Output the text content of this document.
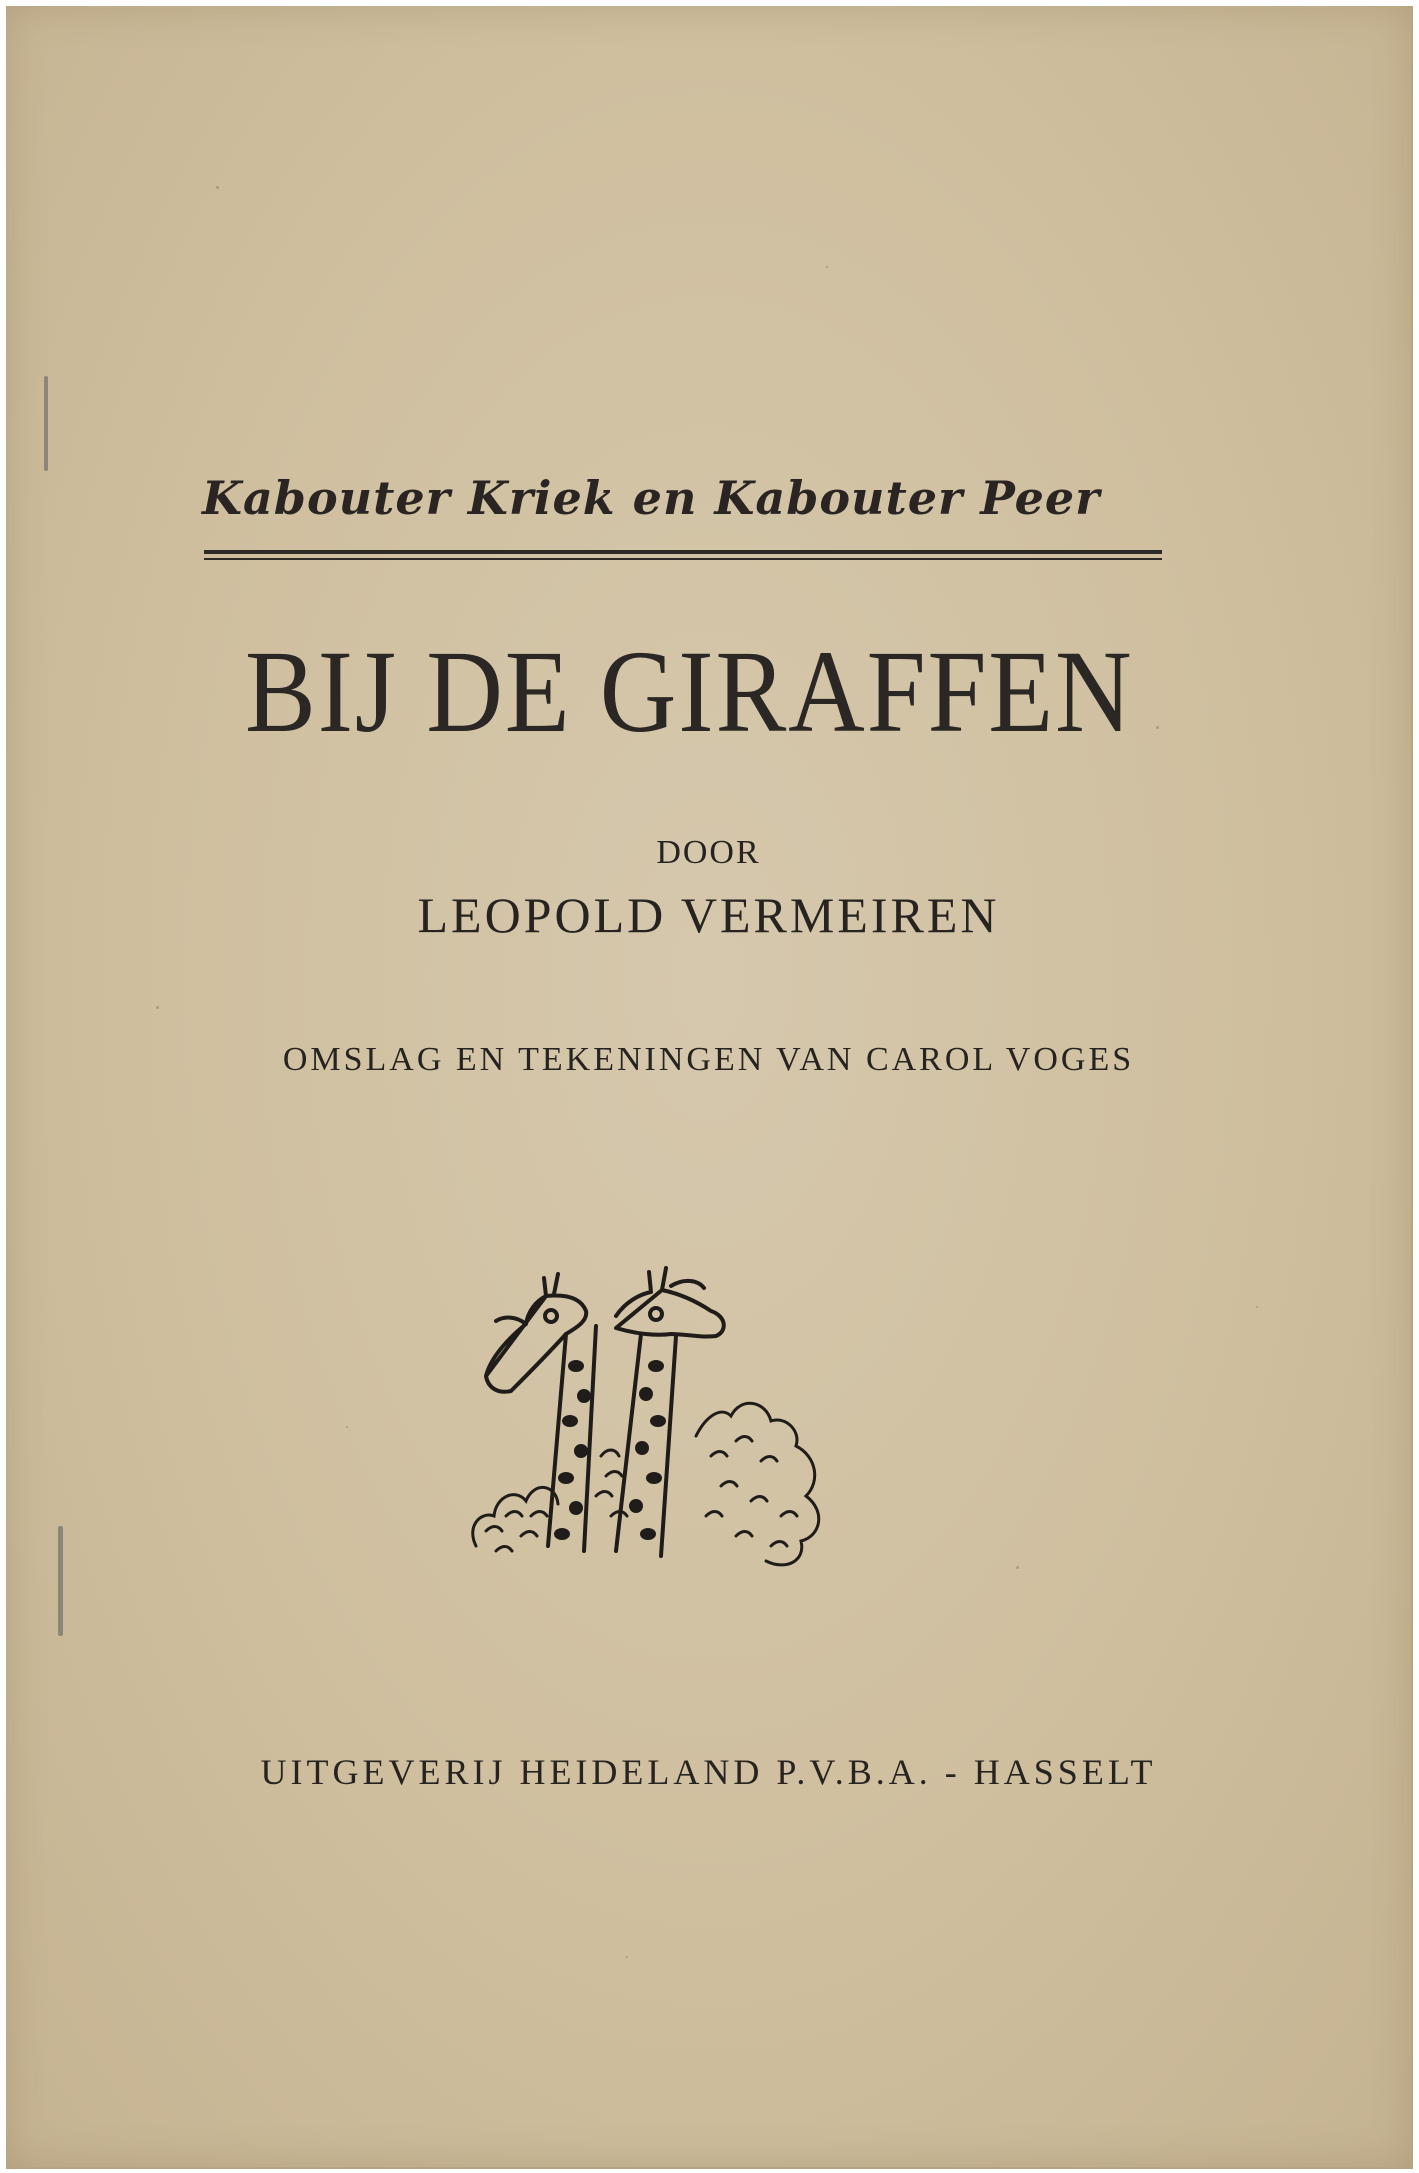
Kabouter Kriek en Kabouter Peer
BIJ DE GIRAFFEN
DOOR
LEOPOLD VERMEIREN
OMSLAG EN TEKENINGEN VAN CAROL VOGES
UITGEVERIJ HEIDELAND P.V.B.A. - HASSELT
